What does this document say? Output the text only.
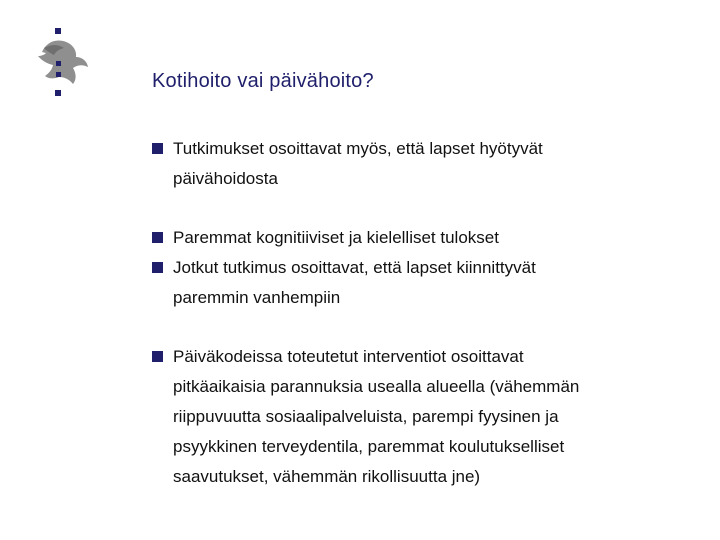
Kotihoito vai päivähoito?
Tutkimukset osoittavat myös, että lapset hyötyvät
päivähoidosta
Paremmat kognitiiviset ja kielelliset tulokset
Jotkut tutkimus osoittavat, että lapset kiinnittyvät
paremmin vanhempiin
Päiväkodeissa toteutetut interventiot osoittavat
pitkäaikaisia parannuksia usealla alueella (vähemmän
riippuvuutta sosiaalipalveluista, parempi fyysinen ja
psyykkinen terveydentila, paremmat koulutukselliset
saavutukset, vähemmän rikollisuutta jne)
